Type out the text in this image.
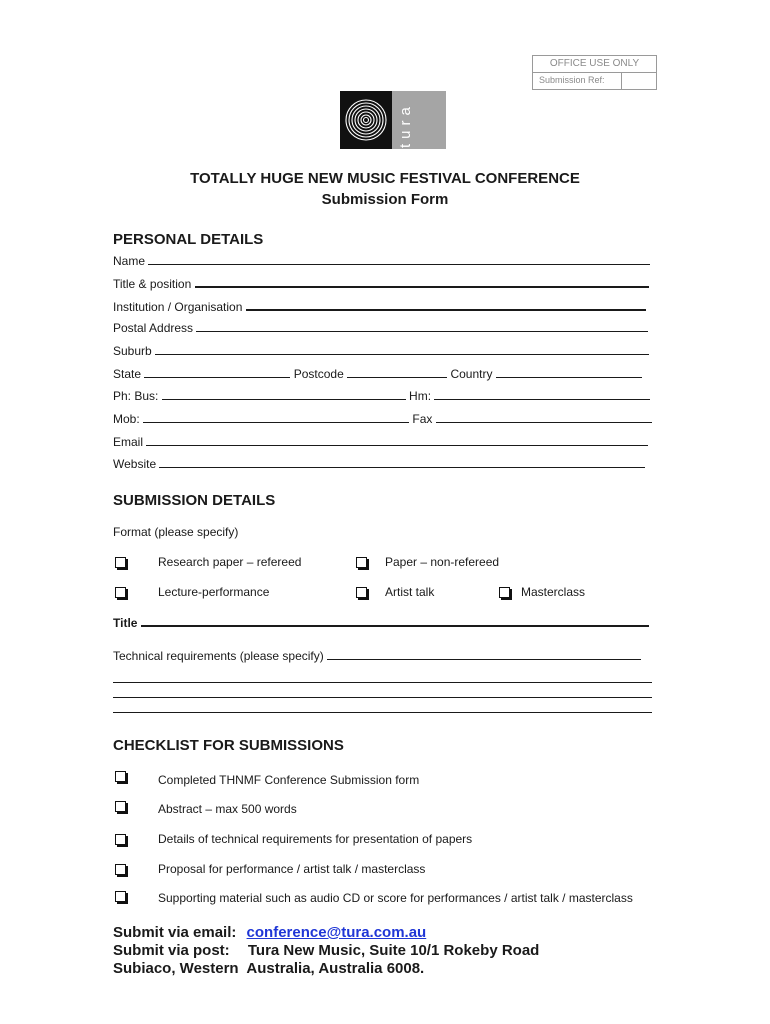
OFFICE USE ONLY
Submission Ref:
tura
TOTALLY HUGE NEW MUSIC FESTIVAL CONFERENCE
Submission Form
PERSONAL DETAILS
Name
Title & position
Institution / Organisation
Postal Address
Suburb
State	Postcode	Country
Ph: Bus:	Hm:
Mob:	Fax
Email
Website
SUBMISSION DETAILS
Format (please specify)
Research paper – refereed	Paper – non-refereed
Lecture-performance	Artist talk	Masterclass
Title
Technical requirements (please specify)
CHECKLIST FOR SUBMISSIONS
Completed THNMF Conference Submission form
Abstract – max 500 words
Details of technical requirements for presentation of papers
Proposal for performance / artist talk / masterclass
Supporting material such as audio CD or score for performances / artist talk / masterclass
Submit via email: conference@tura.com.au
Submit via post: Tura New Music, Suite 10/1 Rokeby Road
Subiaco, Western  Australia, Australia 6008.
